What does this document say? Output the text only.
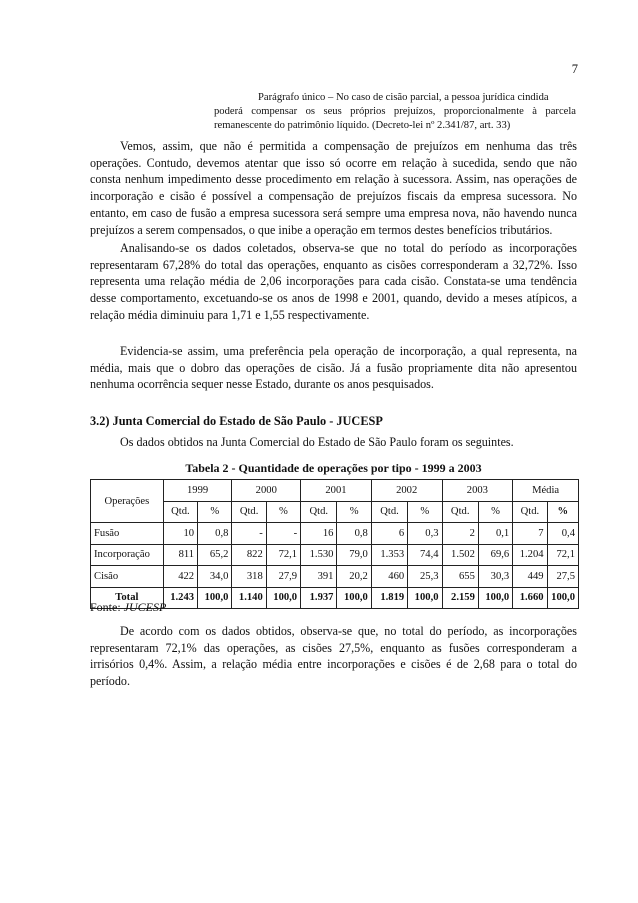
7
Parágrafo único – No caso de cisão parcial, a pessoa jurídica cindida
poderá compensar os seus próprios prejuízos, proporcionalmente à parcela remanescente do patrimônio líquido. (Decreto-lei nº 2.341/87, art. 33)

Vemos, assim, que não é permitida a compensação de prejuízos em nenhuma das três operações. Contudo, devemos atentar que isso só ocorre em relação à sucedida, sendo que não consta nenhum impedimento desse procedimento em relação à sucessora. Assim, nas operações de incorporação e cisão é possível a compensação de prejuízos fiscais da empresa sucessora. No entanto, em caso de fusão a empresa sucessora será sempre uma empresa nova, não havendo nunca prejuízos a serem compensados, o que inibe a operação em termos destes benefícios tributários.

Analisando-se os dados coletados, observa-se que no total do período as incorporações representaram 67,28% do total das operações, enquanto as cisões corresponderam a 32,72%. Isso representa uma relação média de 2,06 incorporações para cada cisão. Constata-se uma tendência desse comportamento, excetuando-se os anos de 1998 e 2001, quando, devido a meses atípicos, a relação média diminuiu para 1,71 e 1,55 respectivamente.

Evidencia-se assim, uma preferência pela operação de incorporação, a qual representa, na média, mais que o dobro das operações de cisão. Já a fusão propriamente dita não apresentou nenhuma ocorrência sequer nesse Estado, durante os anos pesquisados.

3.2) Junta Comercial do Estado de São Paulo - JUCESP

Os dados obtidos na Junta Comercial do Estado de São Paulo foram os seguintes.

Tabela 2 - Quantidade de operações por tipo - 1999 a 2003
Operações	1999		2000		2001		2002		2003		Média	
	Qtd.	%	Qtd.	%	Qtd.	%	Qtd.	%	Qtd.	%	Qtd.	%
Fusão	10	0,8	-	-	16	0,8	6	0,3	2	0,1	7	0,4
Incorporação	811	65,2	822	72,1	1.530	79,0	1.353	74,4	1.502	69,6	1.204	72,1
Cisão	422	34,0	318	27,9	391	20,2	460	25,3	655	30,3	449	27,5
Total	1.243	100,0	1.140	100,0	1.937	100,0	1.819	100,0	2.159	100,0	1.660	100,0
Fonte: JUCESP

De acordo com os dados obtidos, observa-se que, no total do período, as incorporações representaram 72,1% das operações, as cisões 27,5%, enquanto as fusões corresponderam a irrisórios 0,4%. Assim, a relação média entre incorporações e cisões é de 2,68 para o total do período.
